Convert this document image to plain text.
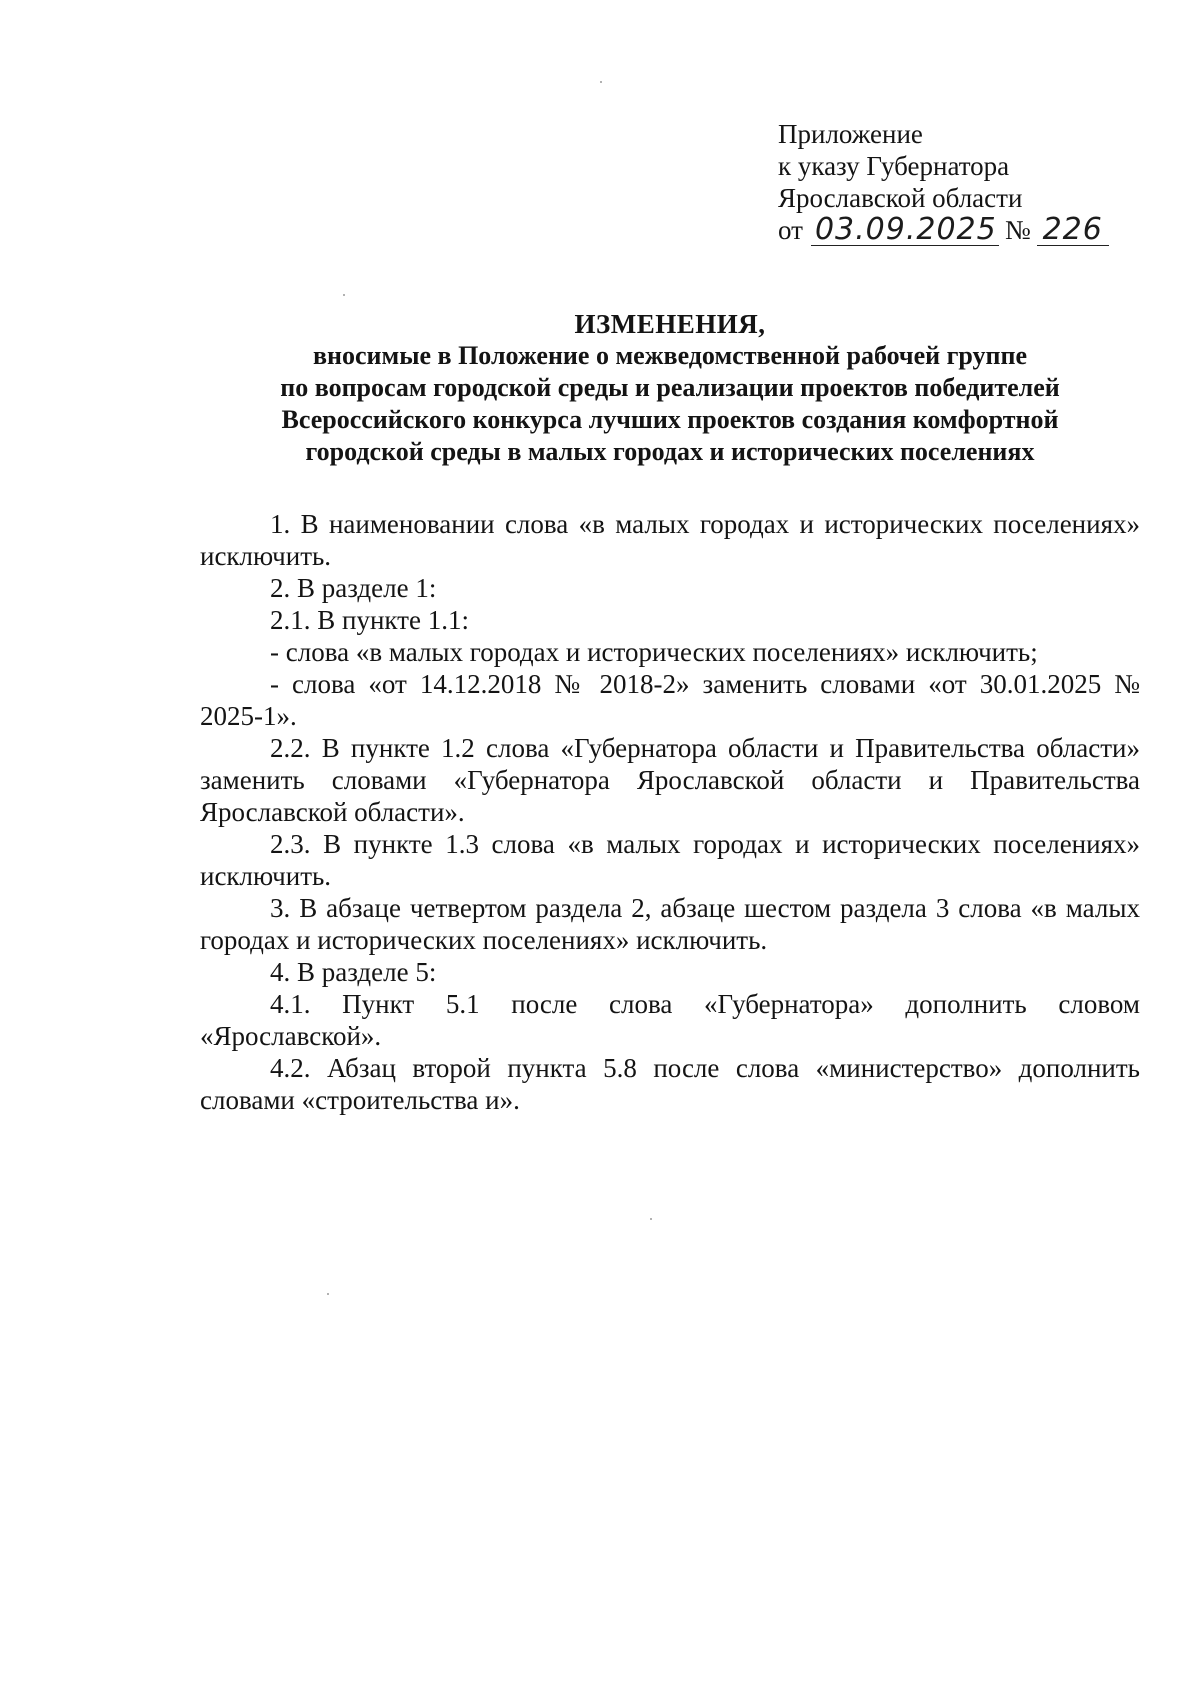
Приложение
к указу Губернатора
Ярославской области
от 03.09.2025 № 226
ИЗМЕНЕНИЯ,
вносимые в Положение о межведомственной рабочей группе
по вопросам городской среды и реализации проектов победителей
Всероссийского конкурса лучших проектов создания комфортной
городской среды в малых городах и исторических поселениях

1. В наименовании слова «в малых городах и исторических поселениях» исключить.

2. В разделе 1:

2.1. В пункте 1.1:

- слова «в малых городах и исторических поселениях» исключить;

- слова «от 14.12.2018 № 2018-2» заменить словами «от 30.01.2025 № 2025-1».

2.2. В пункте 1.2 слова «Губернатора области и Правительства области» заменить словами «Губернатора Ярославской области и Правительства Ярославской области».

2.3. В пункте 1.3 слова «в малых городах и исторических поселениях» исключить.

3. В абзаце четвертом раздела 2, абзаце шестом раздела 3 слова «в малых городах и исторических поселениях» исключить.

4. В разделе 5:

4.1. Пункт 5.1 после слова «Губернатора» дополнить словом «Ярославской».

4.2. Абзац второй пункта 5.8 после слова «министерство» дополнить словами «строительства и».
